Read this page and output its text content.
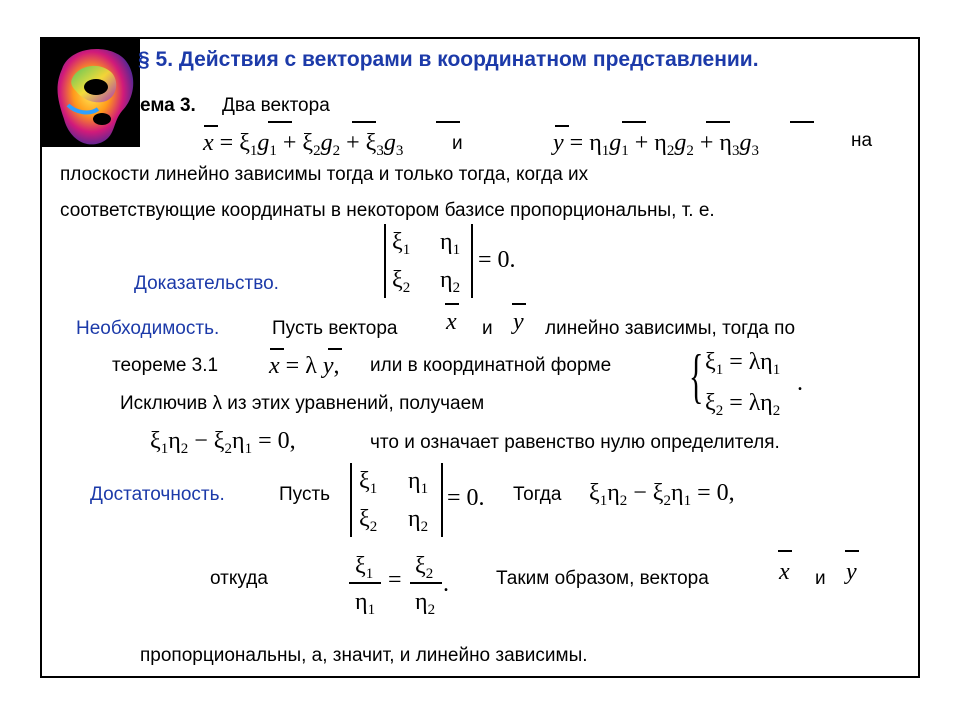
§ 5. Действия с векторами в координатном представлении.
ема 3. Два вектора
$x = \xi_1g_1 + \xi_2g_2 + \xi_3g_3$	и	$y = \eta_1g_1 + \eta_2g_2 + \eta_3g_3$	на
плоскости линейно зависимы тогда и только тогда, когда их
соответствующие координаты в некотором базисе пропорциональны, т. е.
$\xi_1$ $\eta_1$
$\xi_2$ $\eta_2$
= 0.
Доказательство.
Необходимость.	Пусть вектора x и y линейно зависимы, тогда по
теореме 3.1 x = λ y, или в координатной форме { $\xi_1 = \lambda\eta_1$
$\xi_2 = \lambda\eta_2$
.
Исключив λ из этих уравнений, получаем
$\xi_1\eta_2 - \xi_2\eta_1 = 0$,	что и означает равенство нулю определителя.
Достаточность.	Пусть
$\xi_1$ $\eta_1$
$\xi_2$ $\eta_2$
= 0. Тогда $\xi_1\eta_2 - \xi_2\eta_1 = 0$,
откуда	$\xi_1$
$\eta_1$
=
$\xi_2$
$\eta_2$
. Таким образом, вектора	x и y
пропорциональны, а, значит, и линейно зависимы.
